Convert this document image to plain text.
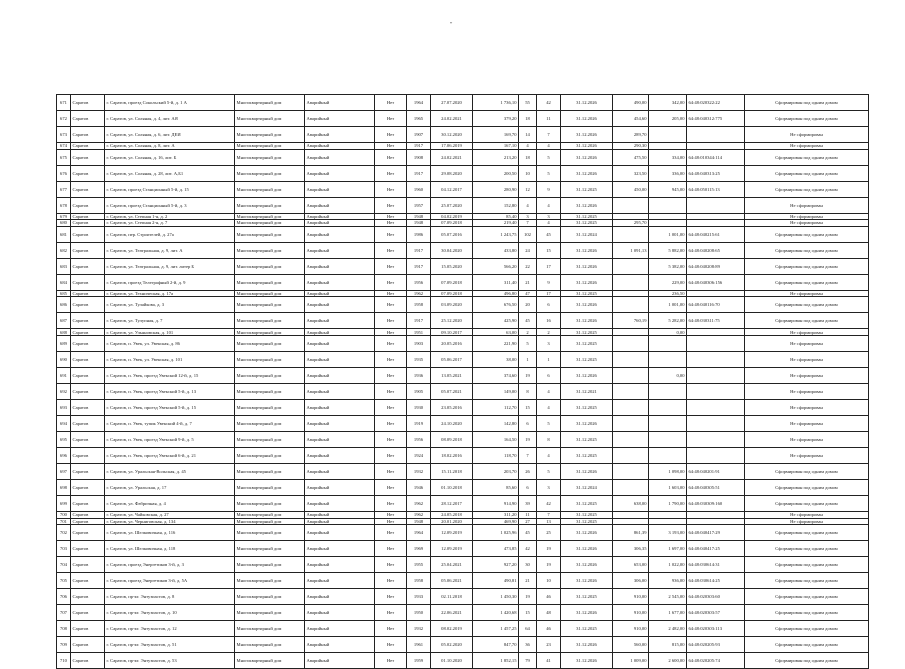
"
671	Саратов	г. Саратов, проезд Сокольский 5-й, д. 1 А	Многоквартирный дом	Аварийный	Нет	1964	27.07.2020	1 736,10	55	42	31.12.2026	490,00	342,00	64:48:020322:22	Сформирован под одним домом
672	Саратов	г. Саратов, ул. Соляная, д. 4, лит. АЯ	Многоквартирный дом	Аварийный	Нет	1965	24.02.2021	379,20	18	11	31.12.2026	454,60	205,00	64:48:040312:775	Сформирован под одним домом
673	Саратов	г. Саратов, ул. Соляная, д. 6, лит. ДЕИ	Многоквартирный дом	Аварийный	Нет	1907	30.12.2020	169,70	14	7	31.12.2026	289,70			Не сформирован
674	Саратов	г. Саратов, ул. Соляная, д. 8, лит. А	Многоквартирный дом	Аварийный	Нет	1917	17.06.2019	167,10	4	4	31.12.2026	290,30			Не сформирован
675	Саратов	г. Саратов, ул. Соляная, д. 16, лит. Б	Многоквартирный дом	Аварийный	Нет	1908	24.02.2021	213,20	18	5	31.12.2026	475,50	334,00	64:48:010344:114	Сформирован под одним домом
676	Саратов	г. Саратов, ул. Соляная, д. 28, лит. А,Б1	Многоквартирный дом	Аварийный	Нет	1917	29.08.2020	200,50	10	5	31.12.2026	323,50	336,00	64:48:040313:25	Сформирован под одним домом
677	Саратов	г. Саратов, проезд Станционный 5-й, д. 15	Многоквартирный дом	Аварийный	Нет	1960	04.12.2017	280,90	12	9	31.12.2025	450,00	945,00	64:48:050115:13	Сформирован под одним домом
678	Саратов	г. Саратов, проезд Станционный 5-й, д. 3	Многоквартирный дом	Аварийный	Нет	1957	25.07.2020	152,80	4	4	31.12.2026				Не сформирован
679	Саратов	г. Саратов, ул. Степная 1-я, д. 2	Многоквартирный дом	Аварийный	Нет	1948	04.02.2019	85,40	3	3	31.12.2025				Не сформирован
680	Саратов	г. Саратов, ул. Степная 2-я, д. 7	Многоквартирный дом	Аварийный	Нет	1948	07.09.2018	219,40	7	4	31.12.2025	295,70			Не сформирован
681	Саратов	г. Саратов, пер. Строителей, д. 27а	Многоквартирный дом	Аварийный	Нет	1986	05.07.2016	1 243,75	102	45	31.12.2024		1 001,00	64:48:040215:61	Сформирован под одним домом
682	Саратов	г. Саратов, ул. Театральная, д. 9, лит. А	Многоквартирный дом	Аварийный	Нет	1917	30.04.2020	433,80	24	15	31.12.2026	1 091,13	5 882,00	64:48:040208:65	Сформирован под одним домом
683	Саратов	г. Саратов, ул. Театральная, д. 9, лит. литер Б	Многоквартирный дом	Аварийный	Нет	1917	15.05.2020	566,20	22	17	31.12.2026		5 382,00	64:48:040208:89	Сформирован под одним домом
684	Саратов	г. Саратов, проезд Телеграфный 2-й, д. 9	Многоквартирный дом	Аварийный	Нет	1956	07.09.2018	311,40	21	9	31.12.2026		229,00	64:48:040306:156	Сформирован под одним домом
685	Саратов	г. Саратов, ул. Техническая, д. 17а	Многоквартирный дом	Аварийный	Нет	1962	07.09.2018	496,80	47	17	31.12.2025		236,50		Не сформирован
686	Саратов	г. Саратов, ул. Тулайкова, д. 3	Многоквартирный дом	Аварийный	Нет	1958	03.09.2020	676,50	20	6	31.12.2026		1 001,00	64:48:040116:70	Сформирован под одним домом
687	Саратов	г. Саратов, ул. Тулупная, д. 7	Многоквартирный дом	Аварийный	Нет	1917	25.12.2020	425,90	45	16	31.12.2026	760,19	5 282,00	64:48:030311:75	Сформирован под одним домом
688	Саратов	г. Саратов, ул. Ульяновская, д. 101	Многоквартирный дом	Аварийный	Нет	1951	09.10.2017	63,00	2	2	31.12.2025		0,00		Не сформирован
689	Саратов	г. Саратов, п. Увек, ул. Увекская, д. 86	Многоквартирный дом	Аварийный	Нет	1903	20.05.2016	221,90	5	3	31.12.2025				Не сформирован
690	Саратов	г. Саратов, п. Увек, ул. Увекская, д. 101	Многоквартирный дом	Аварийный	Нет	1935	05.06.2017	38,00	1	1	31.12.2025				Не сформирован
691	Саратов	г. Саратов, п. Увек, проезд Увекский 12-й, д. 15	Многоквартирный дом	Аварийный	Нет	1936	13.05.2021	374,60	19	6	31.12.2026		0,00		Не сформирован
692	Саратов	г. Саратов, п. Увек, проезд Увекский 5-й, д. 13	Многоквартирный дом	Аварийный	Нет	1905	05.07.2021	149,00	8	4	31.12.2021				Не сформирован
693	Саратов	г. Саратов, п. Увек, проезд Увекский 5-й, д. 15	Многоквартирный дом	Аварийный	Нет	1930	23.05.2016	112,70	15	4	31.12.2025				Не сформирован
694	Саратов	г. Саратов, п. Увек, тупик Увекский 4-й, д. 7	Многоквартирный дом	Аварийный	Нет	1919	24.10.2020	142,80	6	5	31.12.2026				Не сформирован
695	Саратов	г. Саратов, п. Увек, проезд Увекский 9-й, д. 5	Многоквартирный дом	Аварийный	Нет	1956	08.09.2018	164,50	19	8	31.12.2025				Не сформирован
696	Саратов	г. Саратов, п. Увек, проезд Увекский 6-й, д. 21	Многоквартирный дом	Аварийный	Нет	1924	18.02.2016	118,70	7	4	31.12.2025				Не сформирован
697	Саратов	г. Саратов, ул. Уральская-Вольская, д. 45	Многоквартирный дом	Аварийный	Нет	1932	15.11.2018	203,70	26	5	31.12.2026		1 098,00	64:48:040201:91	Сформирован под одним домом
698	Саратов	г. Саратов, ул. Уральская, д. 17	Многоквартирный дом	Аварийный	Нет	1946	01.10.2018	85,60	6	3	31.12.2024		1 603,00	64:48:040305:51	Сформирован под одним домом
699	Саратов	г. Саратов, ул. Фабричная, д. 4	Многоквартирный дом	Аварийный	Нет	1962	28.12.2017	914,90	39	42	31.12.2025	638,00	1 790,00	64:48:030309:160	Сформирован под одним домом
700	Саратов	г. Саратов, ул. Чайковская, д. 27	Многоквартирный дом	Аварийный	Нет	1962	24.05.2018	311,20	11	7	31.12.2025				Не сформирован
701	Саратов	г. Саратов, ул. Черниговская, д. 134	Многоквартирный дом	Аварийный	Нет	1948	20.01.2020	469,90	27	13	31.12.2025				Не сформирован
702	Саратов	г. Саратов, ул. Шелковичная, д. 116	Многоквартирный дом	Аварийный	Нет	1964	12.09.2019	1 025,96	45	25	31.12.2026	861,39	3 193,00	64:48:040417:29	Сформирован под одним домом
703	Саратов	г. Саратов, ул. Шелковичная, д. 118	Многоквартирный дом	Аварийный	Нет	1969	12.09.2019	473,85	42	19	31.12.2026	306,35	1 697,00	64:48:040417:25	Сформирован под одним домом
704	Саратов	г. Саратов, проезд Энергетиков 3-й, д. 3	Многоквартирный дом	Аварийный	Нет	1955	25.04.2021	927,20	30	19	31.12.2026	653,00	1 022,00	64:48:030614:31	Сформирован под одним домом
705	Саратов	г. Саратов, проезд Энергетиков 3-й, д. 5А	Многоквартирный дом	Аварийный	Нет	1958	05.06.2021	490,81	21	10	31.12.2026	306,00	936,00	64:48:030614:25	Сформирован под одним домом
706	Саратов	г. Саратов, пр-кт. Энтузиастов, д. 8	Многоквартирный дом	Аварийный	Нет	1933	02.11.2018	1 450,30	19	46	31.12.2025	910,00	2 545,00	64:48:020303:60	Сформирован под одним домом
707	Саратов	г. Саратов, пр-кт. Энтузиастов, д. 10	Многоквартирный дом	Аварийный	Нет	1950	22.06.2021	1 420,68	15	48	31.12.2026	910,00	1 677,00	64:48:020303:57	Сформирован под одним домом
708	Саратов	г. Саратов, пр-кт. Энтузиастов, д. 12	Многоквартирный дом	Аварийный	Нет	1932	08.02.2019	1 457,25	64	46	31.12.2025	910,00	2 482,00	64:48:020303:113	Сформирован под одним домом
709	Саратов	г. Саратов, пр-кт. Энтузиастов, д. 51	Многоквартирный дом	Аварийный	Нет	1961	05.02.2020	847,70	36	23	31.12.2026	560,00	815,00	64:48:020205:93	Сформирован под одним домом
710	Саратов	г. Саратов, пр-кт. Энтузиастов, д. 53	Многоквартирный дом	Аварийный	Нет	1959	01.10.2020	1 852,15	79	41	31.12.2026	1 009,00	2 600,00	64:48:020205:74	Сформирован под одним домом
